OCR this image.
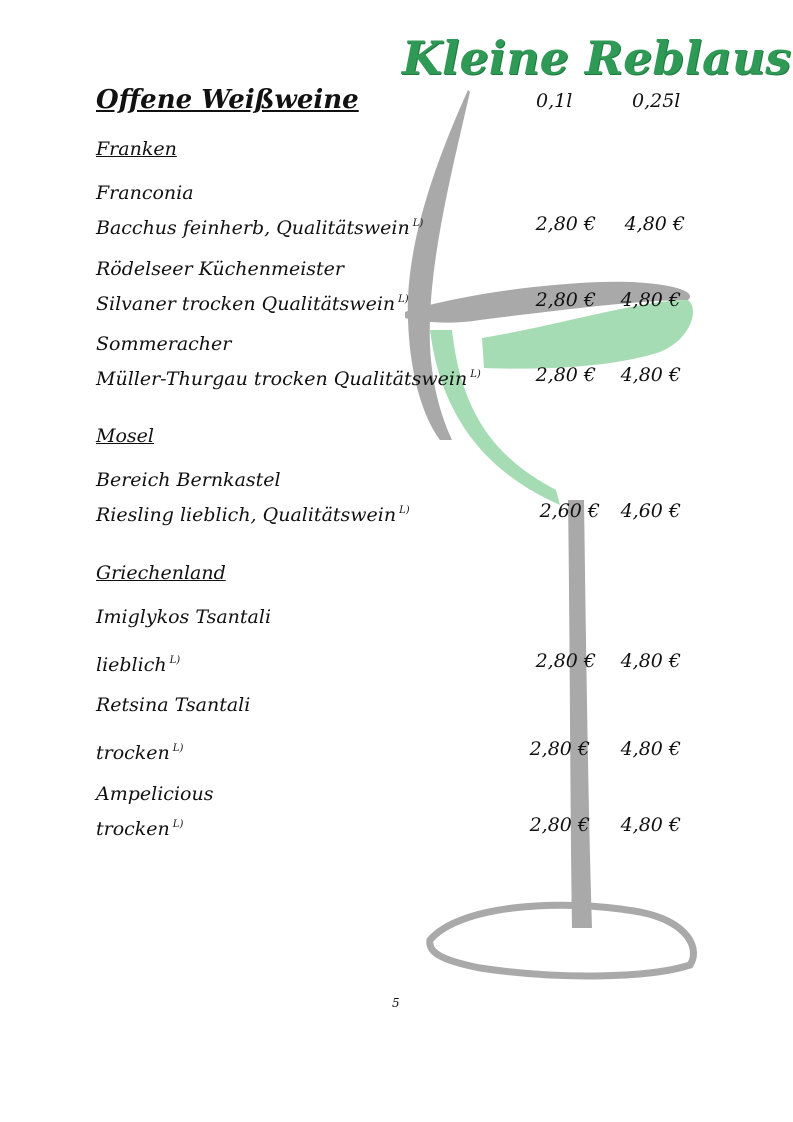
Kleine Reblaus
Offene Weißweine	0,1l	0,25l
Franken
Franconia
Bacchus feinherb, Qualitätswein $^{L)}$	2,80 €	4,80 €
Rödelseer Küchenmeister
Silvaner trocken Qualitätswein $^{L)}$	2,80 €	4,80 €
Sommeracher
Müller-Thurgau trocken Qualitätswein $^{L)}$	2,80 €	4,80 €
Mosel
Bereich Bernkastel
Riesling lieblich, Qualitätswein $^{L)}$	2,60 €	4,60 €
Griechenland
Imiglykos Tsantali
lieblich $^{L)}$	2,80 €	4,80 €
Retsina Tsantali
trocken $^{L)}$	2,80 €	4,80 €
Ampelicious
trocken $^{L)}$	2,80 €	4,80 €
5
